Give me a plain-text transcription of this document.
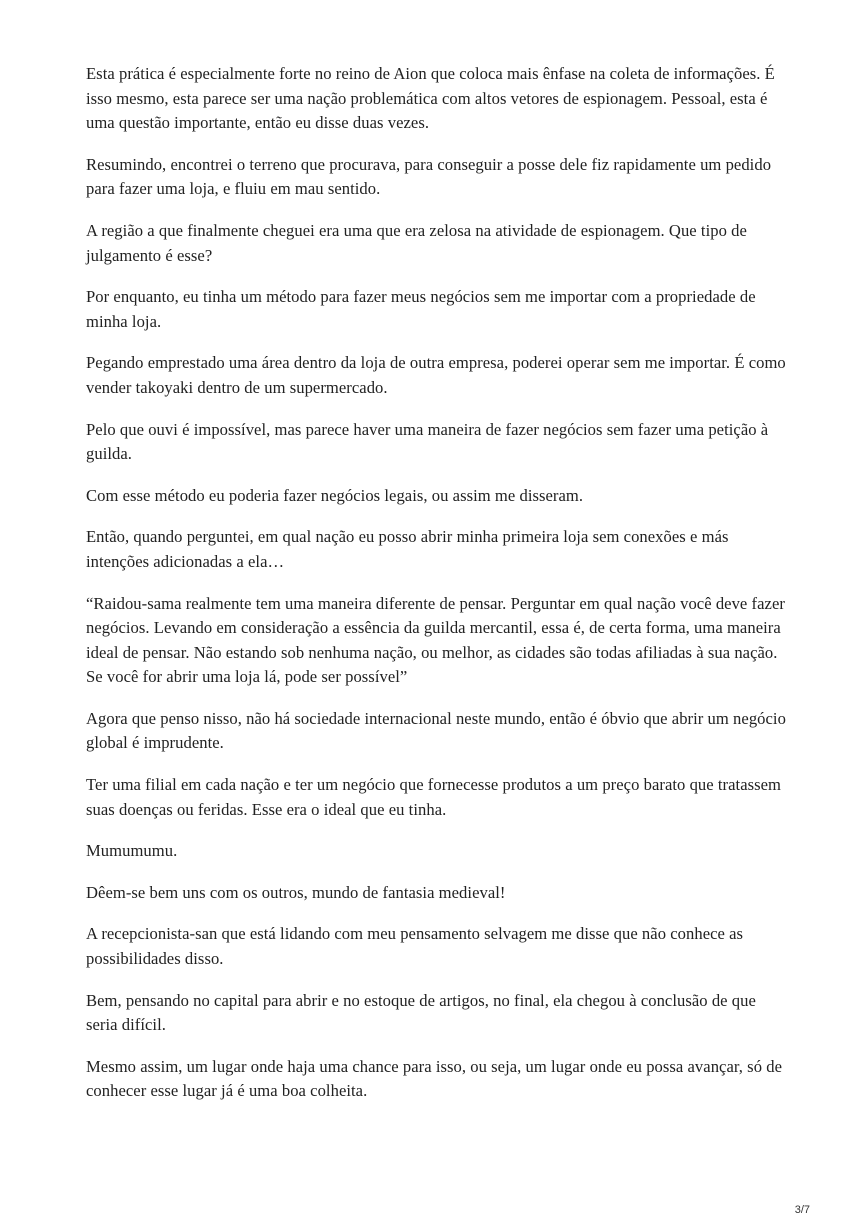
Esta prática é especialmente forte no reino de Aion que coloca mais ênfase na coleta de informações. É isso mesmo, esta parece ser uma nação problemática com altos vetores de espionagem. Pessoal, esta é uma questão importante, então eu disse duas vezes.

Resumindo, encontrei o terreno que procurava, para conseguir a posse dele fiz rapidamente um pedido para fazer uma loja, e fluiu em mau sentido.

A região a que finalmente cheguei era uma que era zelosa na atividade de espionagem. Que tipo de julgamento é esse?

Por enquanto, eu tinha um método para fazer meus negócios sem me importar com a propriedade de minha loja.

Pegando emprestado uma área dentro da loja de outra empresa, poderei operar sem me importar. É como vender takoyaki dentro de um supermercado.

Pelo que ouvi é impossível, mas parece haver uma maneira de fazer negócios sem fazer uma petição à guilda.

Com esse método eu poderia fazer negócios legais, ou assim me disseram.

Então, quando perguntei, em qual nação eu posso abrir minha primeira loja sem conexões e más intenções adicionadas a ela…

“Raidou-sama realmente tem uma maneira diferente de pensar. Perguntar em qual nação você deve fazer negócios. Levando em consideração a essência da guilda mercantil, essa é, de certa forma, uma maneira ideal de pensar. Não estando sob nenhuma nação, ou melhor, as cidades são todas afiliadas à sua nação. Se você for abrir uma loja lá, pode ser possível”

Agora que penso nisso, não há sociedade internacional neste mundo, então é óbvio que abrir um negócio global é imprudente.

Ter uma filial em cada nação e ter um negócio que fornecesse produtos a um preço barato que tratassem suas doenças ou feridas. Esse era o ideal que eu tinha.

Mumumumu.

Dêem-se bem uns com os outros, mundo de fantasia medieval!

A recepcionista-san que está lidando com meu pensamento selvagem me disse que não conhece as possibilidades disso.

Bem, pensando no capital para abrir e no estoque de artigos, no final, ela chegou à conclusão de que seria difícil.

Mesmo assim, um lugar onde haja uma chance para isso, ou seja, um lugar onde eu possa avançar, só de conhecer esse lugar já é uma boa colheita.

3/7
